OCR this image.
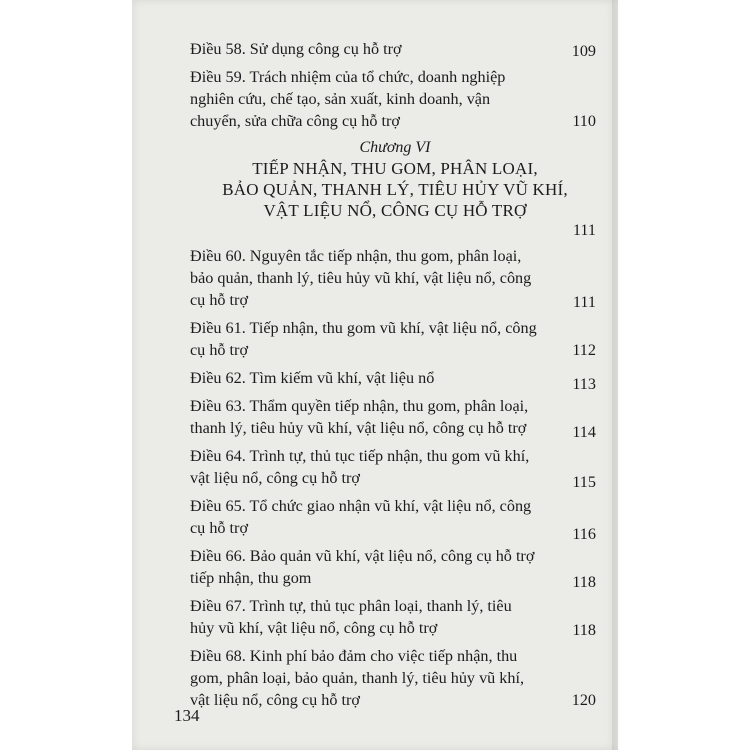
Điều 58. Sử dụng công cụ hỗ trợ	109
Điều 59. Trách nhiệm của tổ chức, doanh nghiệp nghiên cứu, chế tạo, sản xuất, kinh doanh, vận chuyển, sửa chữa công cụ hỗ trợ	110
Chương VI
TIẾP NHẬN, THU GOM, PHÂN LOẠI,
BẢO QUẢN, THANH LÝ, TIÊU HỦY VŨ KHÍ,
VẬT LIỆU NỔ, CÔNG CỤ HỖ TRỢ
111
Điều 60. Nguyên tắc tiếp nhận, thu gom, phân loại, bảo quản, thanh lý, tiêu hủy vũ khí, vật liệu nổ, công cụ hỗ trợ	111
Điều 61. Tiếp nhận, thu gom vũ khí, vật liệu nổ, công cụ hỗ trợ	112
Điều 62. Tìm kiếm vũ khí, vật liệu nổ	113
Điều 63. Thẩm quyền tiếp nhận, thu gom, phân loại, thanh lý, tiêu hủy vũ khí, vật liệu nổ, công cụ hỗ trợ	114
Điều 64. Trình tự, thủ tục tiếp nhận, thu gom vũ khí, vật liệu nổ, công cụ hỗ trợ	115
Điều 65. Tổ chức giao nhận vũ khí, vật liệu nổ, công cụ hỗ trợ	116
Điều 66. Bảo quản vũ khí, vật liệu nổ, công cụ hỗ trợ tiếp nhận, thu gom	118
Điều 67. Trình tự, thủ tục phân loại, thanh lý, tiêu hủy vũ khí, vật liệu nổ, công cụ hỗ trợ	118
Điều 68. Kinh phí bảo đảm cho việc tiếp nhận, thu gom, phân loại, bảo quản, thanh lý, tiêu hủy vũ khí, vật liệu nổ, công cụ hỗ trợ	120
134
